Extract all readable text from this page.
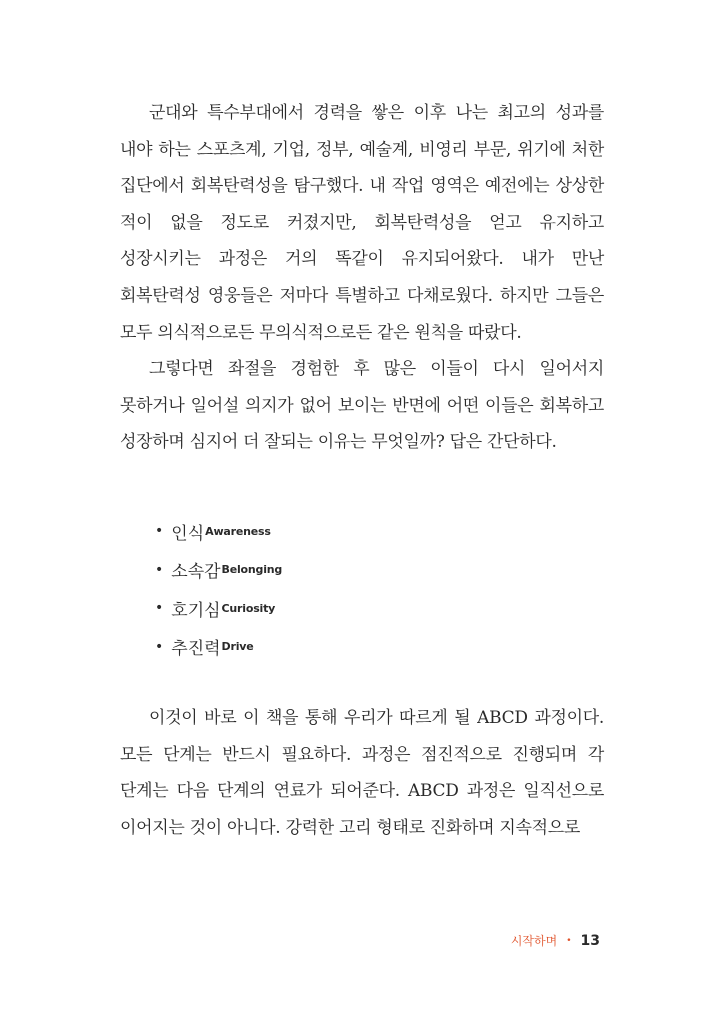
군대와 특수부대에서 경력을 쌓은 이후 나는 최고의 성과를 내야 하는 스포츠계, 기업, 정부, 예술계, 비영리 부문, 위기에 처한 집단에서 회복탄력성을 탐구했다. 내 작업 영역은 예전에는 상상한 적이 없을 정도로 커졌지만, 회복탄력성을 얻고 유지하고 성장시키는 과정은 거의 똑같이 유지되어왔다. 내가 만난 회복탄력성 영웅들은 저마다 특별하고 다채로웠다. 하지만 그들은 모두 의식적으로든 무의식적으로든 같은 원칙을 따랐다.

그렇다면 좌절을 경험한 후 많은 이들이 다시 일어서지 못하거나 일어설 의지가 없어 보이는 반면에 어떤 이들은 회복하고 성장하며 심지어 더 잘되는 이유는 무엇일까? 답은 간단하다.

• 인식 Awareness
• 소속감 Belonging
• 호기심 Curiosity
• 추진력 Drive

이것이 바로 이 책을 통해 우리가 따르게 될 ABCD 과정이다. 모든 단계는 반드시 필요하다. 과정은 점진적으로 진행되며 각 단계는 다음 단계의 연료가 되어준다. ABCD 과정은 일직선으로 이어지는 것이 아니다. 강력한 고리 형태로 진화하며 지속적으로

시작하며 • 13
